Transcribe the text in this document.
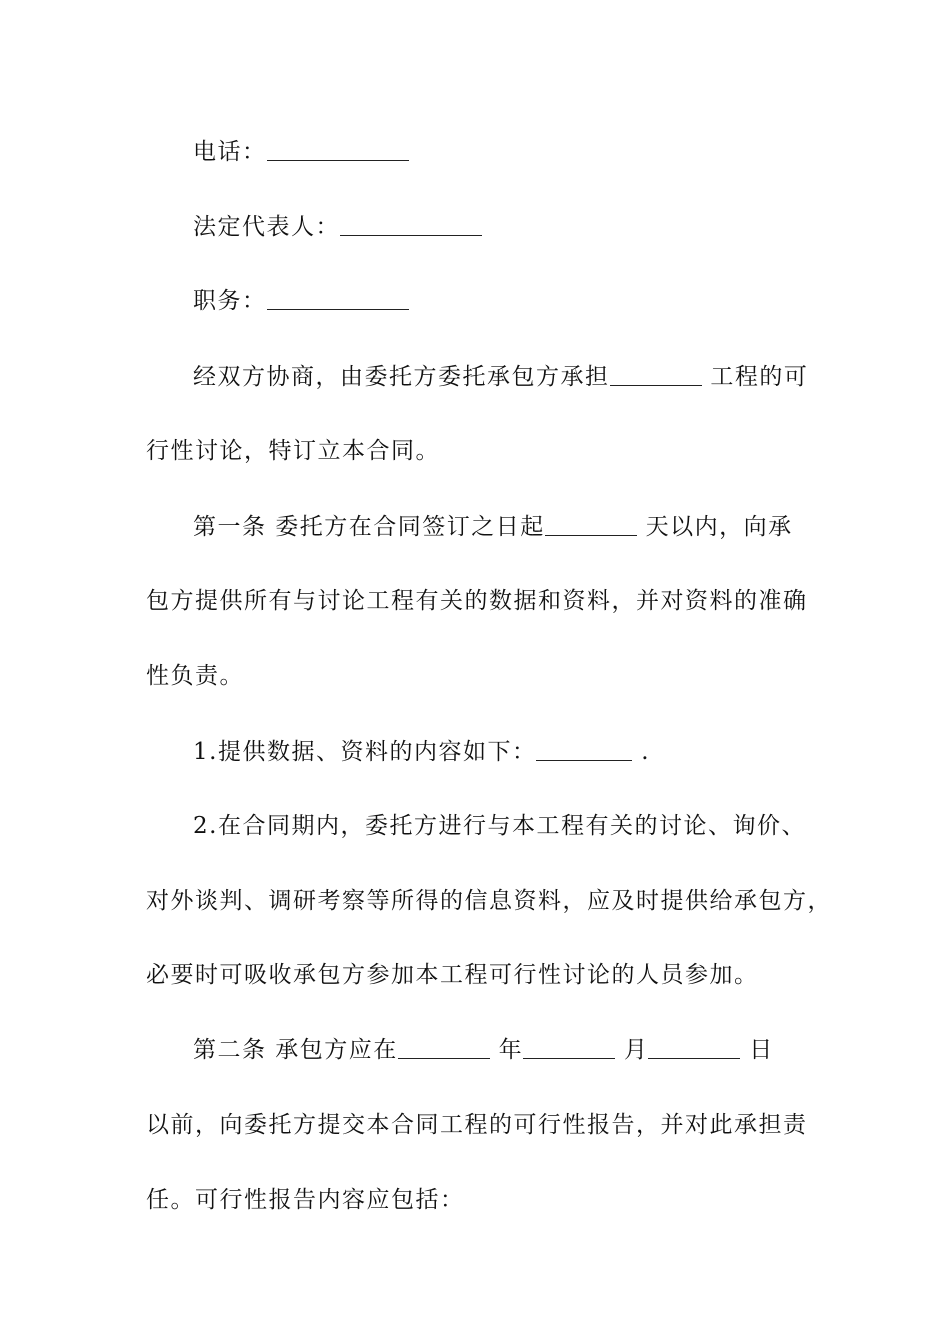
电话：
法定代表人：
职务：
经双方协商，由委托方委托承包方承担	工程的可
行性讨论，特订立本合同。
第一条 委托方在合同签订之日起	天以内，向承
包方提供所有与讨论工程有关的数据和资料，并对资料的准确
性负责。
1.提供数据、资料的内容如下：	.
2.在合同期内，委托方进行与本工程有关的讨论、询价、
对外谈判、调研考察等所得的信息资料，应及时提供给承包方，
必要时可吸收承包方参加本工程可行性讨论的人员参加。
第二条 承包方应在	年	月	日
以前，向委托方提交本合同工程的可行性报告，并对此承担责
任。可行性报告内容应包括：
